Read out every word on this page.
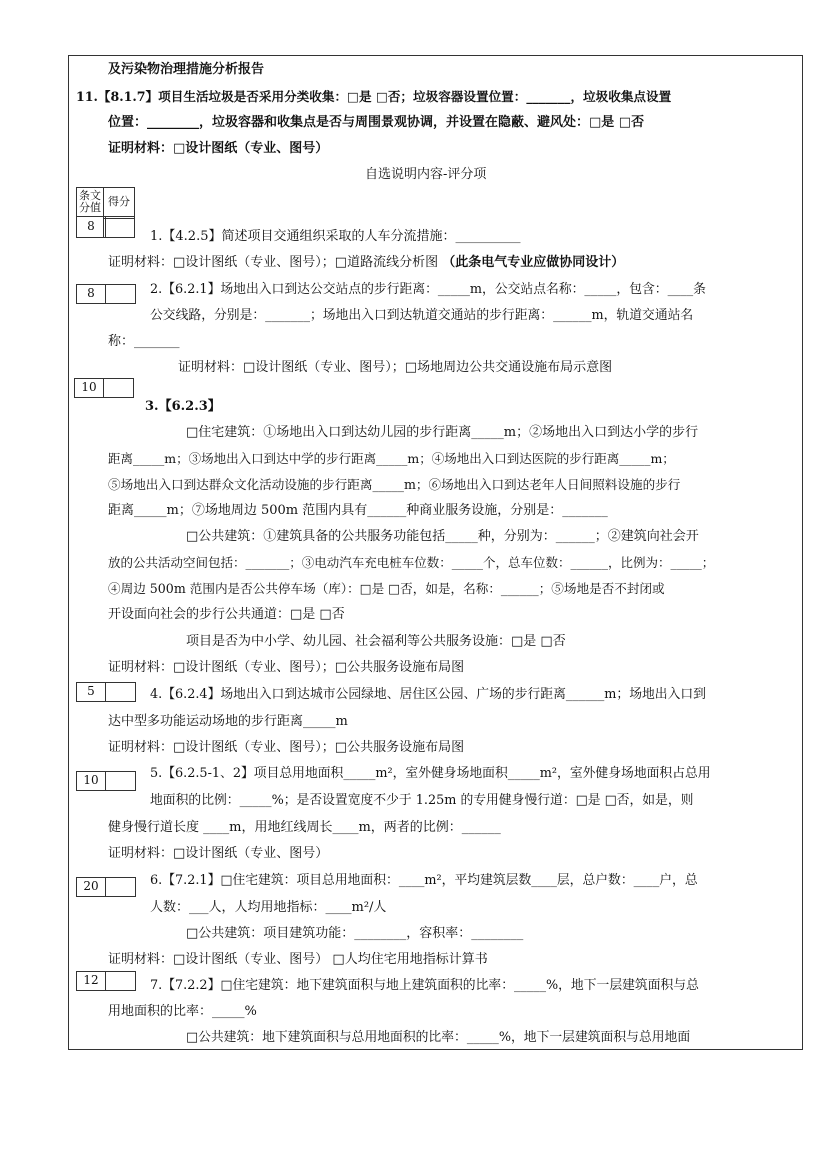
及污染物治理措施分析报告
11.【8.1.7】项目生活垃圾是否采用分类收集：□是 □否；垃圾容器设置位置：_______，垃圾收集点设置
位置：________，垃圾容器和收集点是否与周围景观协调，并设置在隐蔽、避风处：□是 □否
证明材料：□设计图纸（专业、图号）
自选说明内容-评分项
条文分值 得分
8
1.【4.2.5】简述项目交通组织采取的人车分流措施：__________
证明材料：□设计图纸（专业、图号）；□道路流线分析图 （此条电气专业应做协同设计）
8	2.【6.2.1】场地出入口到达公交站点的步行距离：_____m，公交站点名称：_____，包含：____条
公交线路，分别是：_______；场地出入口到达轨道交通站的步行距离：______m，轨道交通站名
称：_______
证明材料：□设计图纸（专业、图号）；□场地周边公共交通设施布局示意图
10
3.【6.2.3】
□住宅建筑：①场地出入口到达幼儿园的步行距离_____m；②场地出入口到达小学的步行
距离_____m；③场地出入口到达中学的步行距离_____m；④场地出入口到达医院的步行距离_____m；
⑤场地出入口到达群众文化活动设施的步行距离_____m；⑥场地出入口到达老年人日间照料设施的步行
距离_____m；⑦场地周边 500m 范围内具有______种商业服务设施，分别是：_______
□公共建筑：①建筑具备的公共服务功能包括_____种，分别为：______；②建筑向社会开
放的公共活动空间包括：_______；③电动汽车充电桩车位数：_____个，总车位数：______，比例为：_____；
④周边 500m 范围内是否公共停车场（库）：□是 □否，如是，名称：______；⑤场地是否不封闭或
开设面向社会的步行公共通道：□是 □否
项目是否为中小学、幼儿园、社会福利等公共服务设施：□是 □否
证明材料：□设计图纸（专业、图号）；□公共服务设施布局图
5	4.【6.2.4】场地出入口到达城市公园绿地、居住区公园、广场的步行距离______m；场地出入口到
达中型多功能运动场地的步行距离_____m
证明材料：□设计图纸（专业、图号）；□公共服务设施布局图
10	5.【6.2.5-1、2】项目总用地面积_____m²，室外健身场地面积_____m²，室外健身场地面积占总用
地面积的比例：_____%；是否设置宽度不少于 1.25m 的专用健身慢行道：□是 □否，如是，则
健身慢行道长度 ____m，用地红线周长____m，两者的比例：______
证明材料：□设计图纸（专业、图号）
20	6.【7.2.1】□住宅建筑：项目总用地面积：____m²，平均建筑层数____层，总户数：____户，总
人数：___人，人均用地指标：____m²/人
□公共建筑：项目建筑功能：________，容积率：________
证明材料：□设计图纸（专业、图号） □人均住宅用地指标计算书
12	7.【7.2.2】□住宅建筑：地下建筑面积与地上建筑面积的比率：_____%，地下一层建筑面积与总
用地面积的比率：_____%
□公共建筑：地下建筑面积与总用地面积的比率：_____%，地下一层建筑面积与总用地面
